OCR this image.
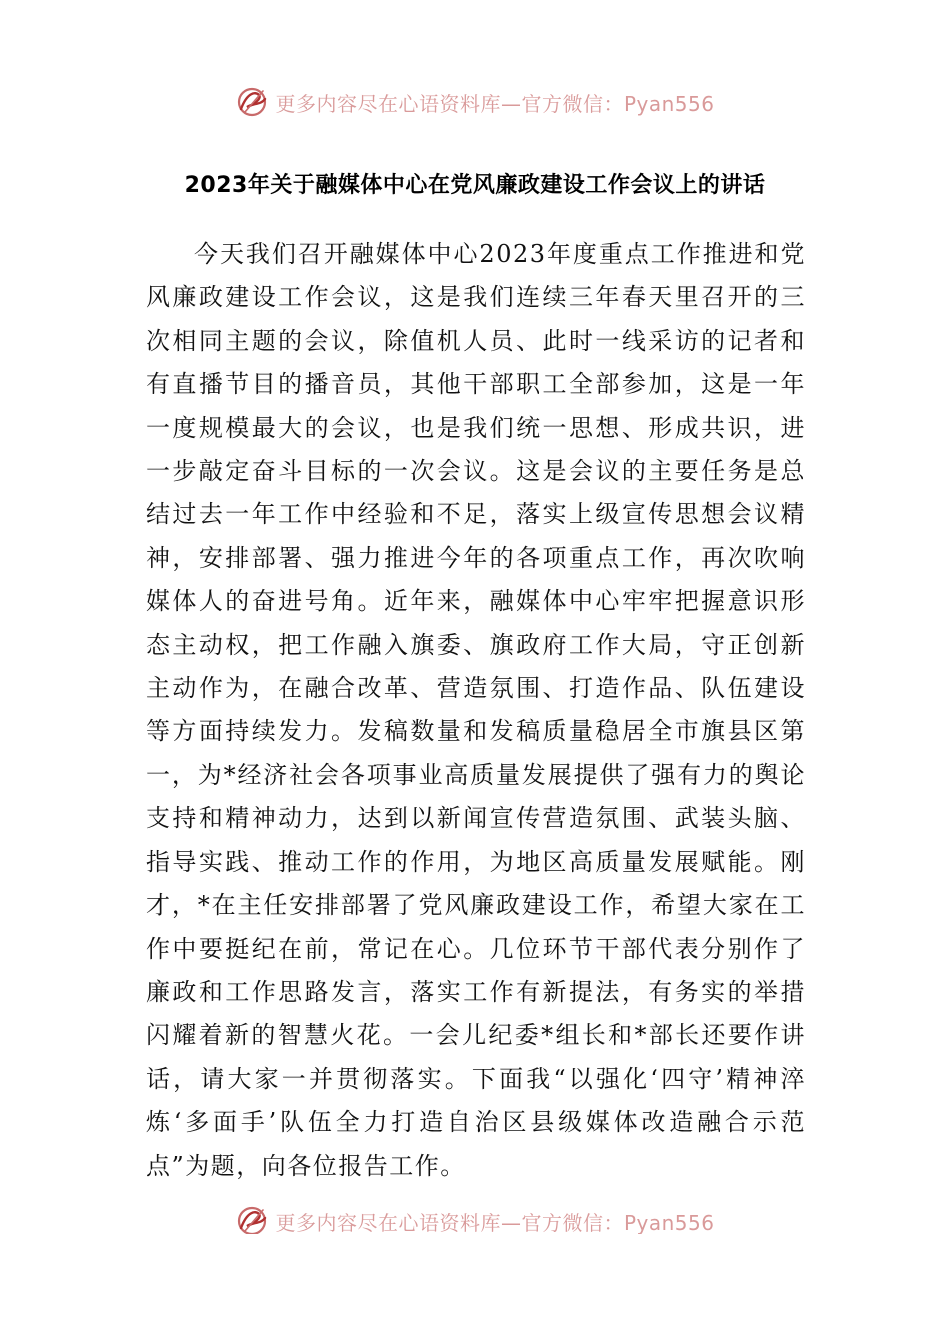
更多内容尽在心语资料库—官方微信：Pyan556
2023年关于融媒体中心在党风廉政建设工作会议上的讲话

今天我们召开融媒体中心2023年度重点工作推进和党风廉政建设工作会议，这是我们连续三年春天里召开的三次相同主题的会议，除值机人员、此时一线采访的记者和有直播节目的播音员，其他干部职工全部参加，这是一年一度规模最大的会议，也是我们统一思想、形成共识，进一步敲定奋斗目标的一次会议。这是会议的主要任务是总结过去一年工作中经验和不足，落实上级宣传思想会议精神，安排部署、强力推进今年的各项重点工作，再次吹响媒体人的奋进号角。近年来，融媒体中心牢牢把握意识形态主动权，把工作融入旗委、旗政府工作大局，守正创新主动作为，在融合改革、营造氛围、打造作品、队伍建设等方面持续发力。发稿数量和发稿质量稳居全市旗县区第一，为*经济社会各项事业高质量发展提供了强有力的舆论支持和精神动力，达到以新闻宣传营造氛围、武装头脑、指导实践、推动工作的作用，为地区高质量发展赋能。刚才，*在主任安排部署了党风廉政建设工作，希望大家在工作中要挺纪在前，常记在心。几位环节干部代表分别作了廉政和工作思路发言，落实工作有新提法，有务实的举措闪耀着新的智慧火花。一会儿纪委*组长和*部长还要作讲话，请大家一并贯彻落实。下面我“以强化‘四守’精神淬炼‘多面手’队伍全力打造自治区县级媒体改造融合示范点”为题，向各位报告工作。

更多内容尽在心语资料库—官方微信：Pyan556
